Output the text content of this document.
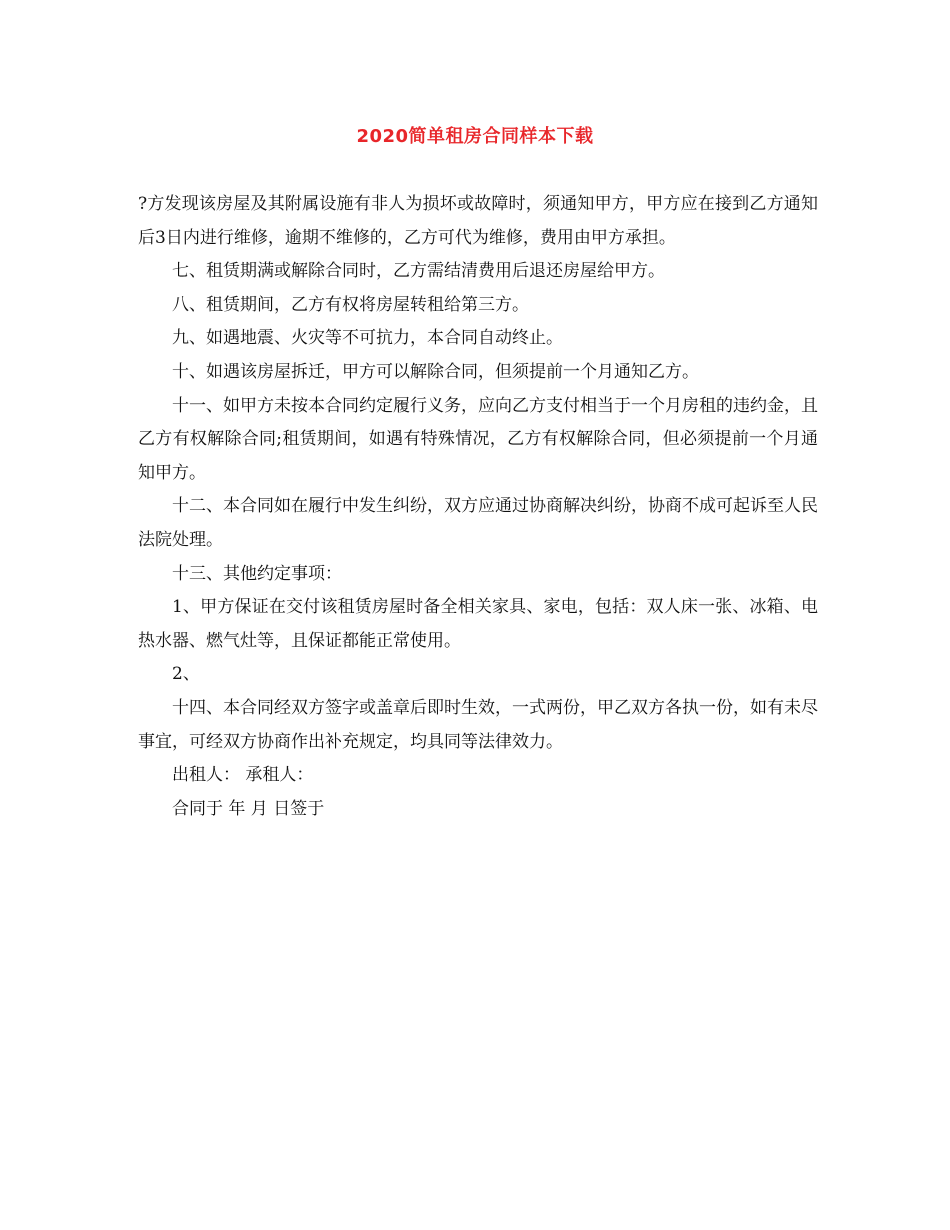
2020简单租房合同样本下载

?方发现该房屋及其附属设施有非人为损坏或故障时，须通知甲方，甲方应在接到乙方通知后3日内进行维修，逾期不维修的，乙方可代为维修，费用由甲方承担。

七、租赁期满或解除合同时，乙方需结清费用后退还房屋给甲方。

八、租赁期间，乙方有权将房屋转租给第三方。

九、如遇地震、火灾等不可抗力，本合同自动终止。

十、如遇该房屋拆迁，甲方可以解除合同，但须提前一个月通知乙方。

十一、如甲方未按本合同约定履行义务，应向乙方支付相当于一个月房租的违约金，且乙方有权解除合同;租赁期间，如遇有特殊情况，乙方有权解除合同，但必须提前一个月通知甲方。

十二、本合同如在履行中发生纠纷，双方应通过协商解决纠纷，协商不成可起诉至人民法院处理。

十三、其他约定事项：

1、甲方保证在交付该租赁房屋时备全相关家具、家电，包括：双人床一张、冰箱、电热水器、燃气灶等，且保证都能正常使用。

2、

十四、本合同经双方签字或盖章后即时生效，一式两份，甲乙双方各执一份，如有未尽事宜，可经双方协商作出补充规定，均具同等法律效力。

出租人： 承租人：

合同于 年 月 日签于
